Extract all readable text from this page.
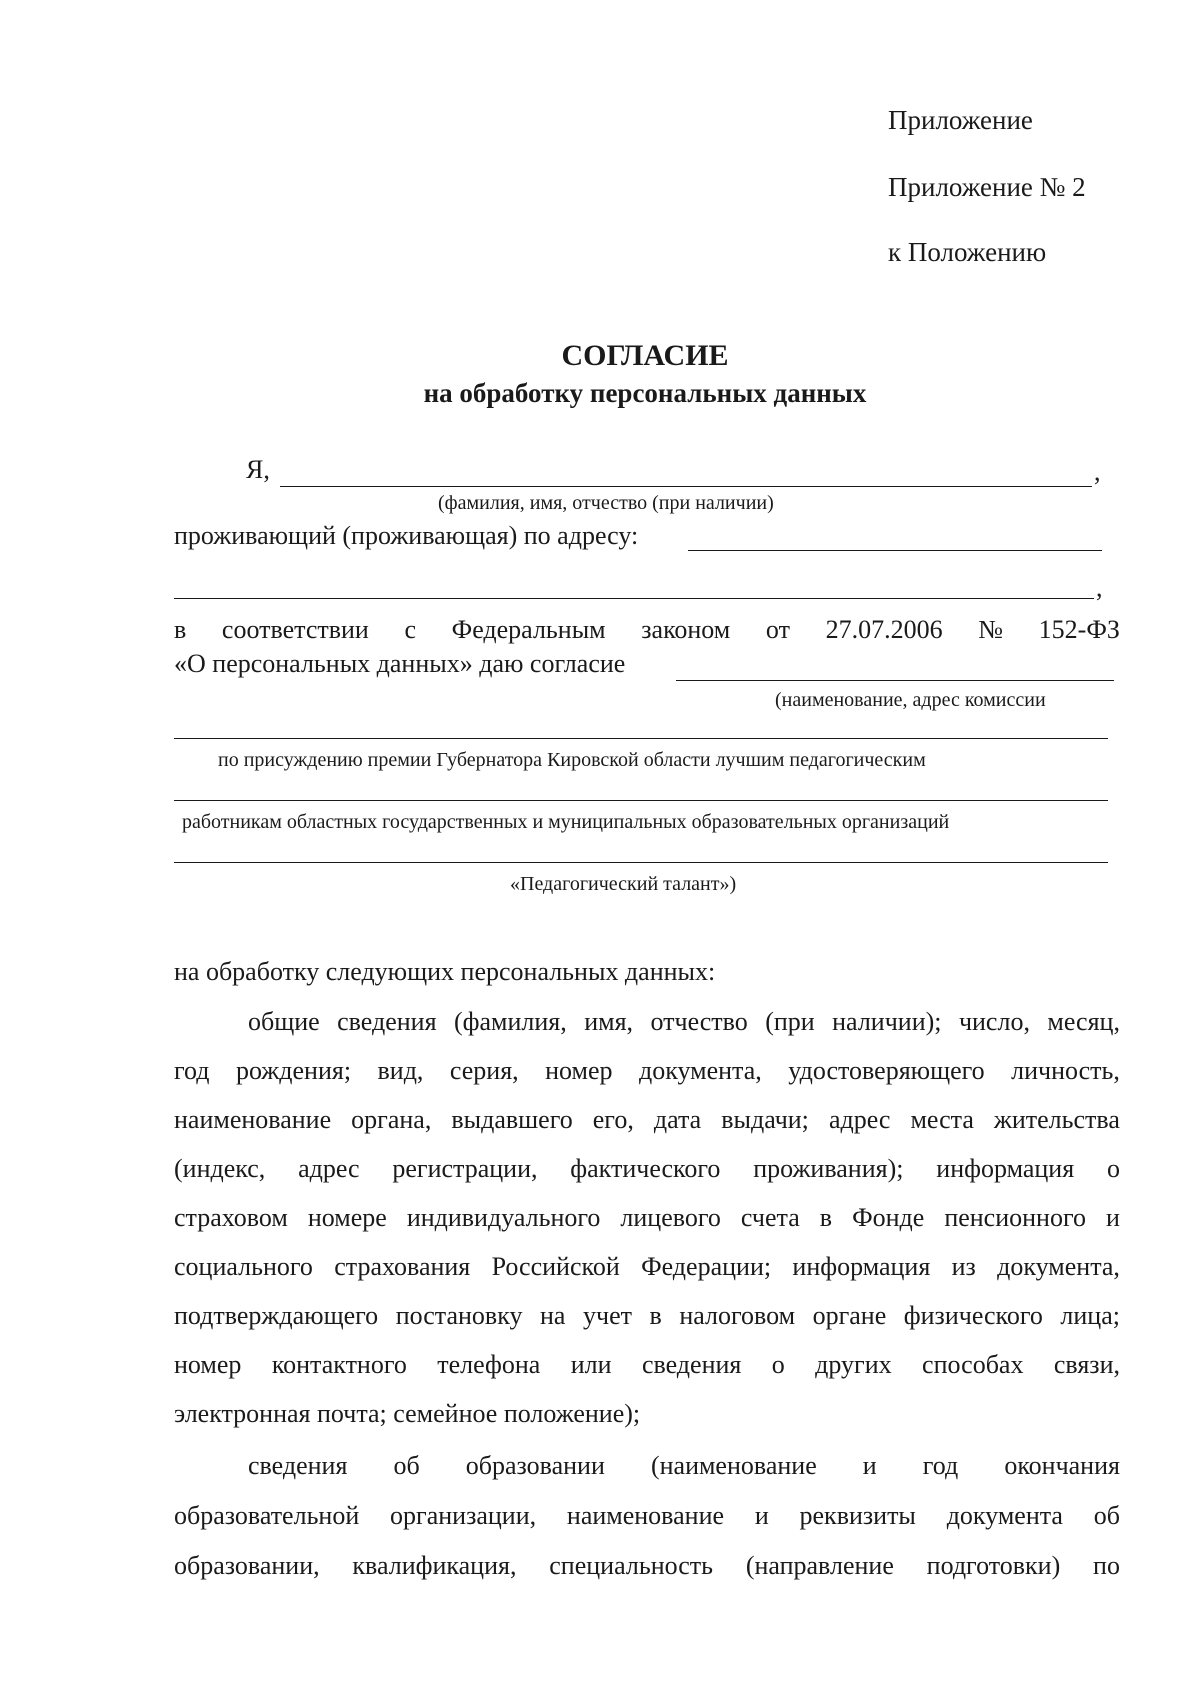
Приложение
Приложение № 2
к Положению
СОГЛАСИЕ
на обработку персональных данных
Я,	,
(фамилия, имя, отчество (при наличии)
проживающий (проживающая) по адресу:
,
в соответствии с Федеральным законом от 27.07.2006 № 152-ФЗ
«О персональных данных» даю согласие
(наименование, адрес комиссии
по присуждению премии Губернатора Кировской области лучшим педагогическим
работникам областных государственных и муниципальных образовательных организаций
«Педагогический талант»)
на обработку следующих персональных данных:
общие сведения (фамилия, имя, отчество (при наличии); число, месяц,
год рождения; вид, серия, номер документа, удостоверяющего личность,
наименование органа, выдавшего его, дата выдачи; адрес места жительства
(индекс, адрес регистрации, фактического проживания); информация о
страховом номере индивидуального лицевого счета в Фонде пенсионного и
социального страхования Российской Федерации; информация из документа,
подтверждающего постановку на учет в налоговом органе физического лица;
номер контактного телефона или сведения о других способах связи,
электронная почта; семейное положение);
сведения об образовании (наименование и год окончания
образовательной организации, наименование и реквизиты документа об
образовании, квалификация, специальность (направление подготовки) по
